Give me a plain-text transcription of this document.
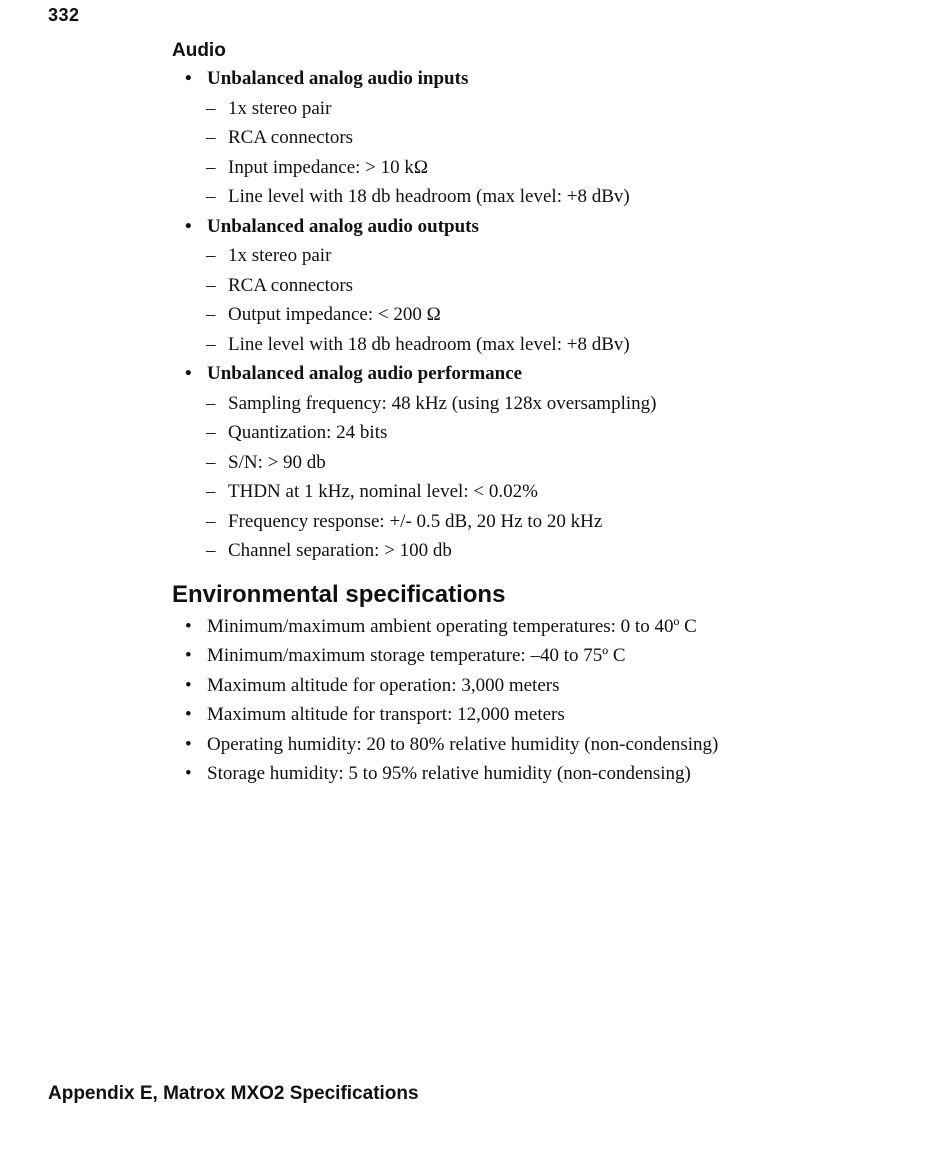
332
Audio
• Unbalanced analog audio inputs
– 1x stereo pair
– RCA connectors
– Input impedance: > 10 kΩ
– Line level with 18 db headroom (max level: +8 dBv)
• Unbalanced analog audio outputs
– 1x stereo pair
– RCA connectors
– Output impedance: < 200 Ω
– Line level with 18 db headroom (max level: +8 dBv)
• Unbalanced analog audio performance
– Sampling frequency: 48 kHz (using 128x oversampling)
– Quantization: 24 bits
– S/N: > 90 db
– THDN at 1 kHz, nominal level: < 0.02%
– Frequency response: +/- 0.5 dB, 20 Hz to 20 kHz
– Channel separation: > 100 db
Environmental specifications
• Minimum/maximum ambient operating temperatures: 0 to 40º C
• Minimum/maximum storage temperature: –40 to 75º C
• Maximum altitude for operation: 3,000 meters
• Maximum altitude for transport: 12,000 meters
• Operating humidity: 20 to 80% relative humidity (non-condensing)
• Storage humidity: 5 to 95% relative humidity (non-condensing)
Appendix E, Matrox MXO2 Specifications
